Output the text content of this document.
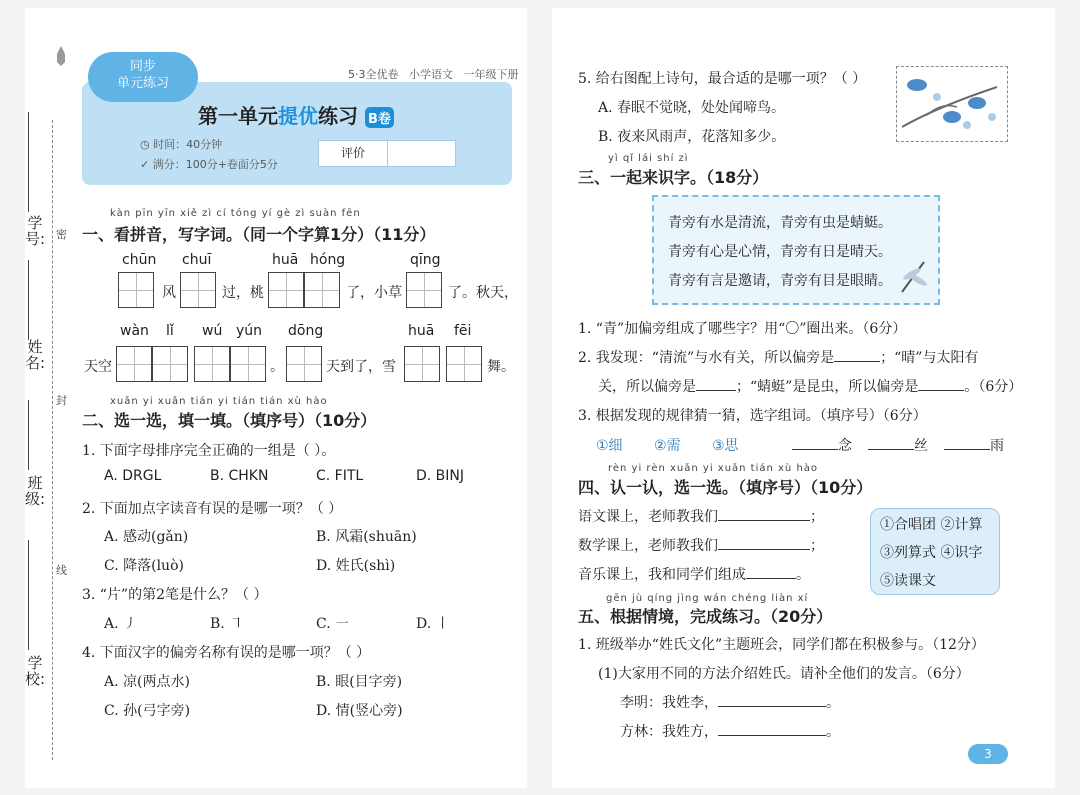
学号:
姓名:
班级:
学校:
密
封
线
同步
单元练习
5·3全优卷 小学语文 一年级下册
第一单元提优练习 B卷
◷ 时间：40分钟
✓ 满分：100分+卷面分5分
评价
kàn pīn yīn xiě zì cí tóng yí gè zì suàn fēn
一、看拼音，写字词。（同一个字算1分）（11分）
chūn chuī	huā hóng	qīng
风	过，桃	了，小草	了。秋天，
wàn lǐ wú yún dōng	huā fēi
天空	。	天到了，雪	舞。
xuǎn yi xuǎn tián yi tián tián xù hào
二、选一选，填一填。（填序号）（10分）
1. 下面字母排序完全正确的一组是（ ）。
A. DRGL	B. CHKN	C. FITL	D. BINJ
2. 下面加点字读音有误的是哪一项？（ ）
A. 感动(gǎn)	B. 风霜(shuān)
C. 降落(luò)	D. 姓氏(shì)
3. “片”的第2笔是什么？（ ）
A. ㇓	B. ㇕	C. ㇐	D. ㇑
4. 下面汉字的偏旁名称有误的是哪一项？（ ）
A. 凉(两点水)	B. 眼(目字旁)
C. 孙(弓字旁)	D. 情(竖心旁)
5. 给右图配上诗句，最合适的是哪一项？（ ）
A. 春眠不觉晓，处处闻啼鸟。
B. 夜来风雨声，花落知多少。
yì qǐ lái shí zì
三、一起来识字。（18分）
青旁有水是清流，青旁有虫是蜻蜓。
青旁有心是心情，青旁有日是晴天。
青旁有言是邀请，青旁有目是眼睛。
1. “青”加偏旁组成了哪些字？用“〇”圈出来。（6分）
2. 我发现：“清流”与水有关，所以偏旁是	；“晴”与太阳有
关，所以偏旁是	；“蜻蜓”是昆虫，所以偏旁是	。（6分）
3. 根据发现的规律猜一猜，选字组词。（填序号）（6分）
①细 ②需 ③思	念	丝	雨
rèn yi rèn xuǎn yi xuǎn tián xù hào
四、认一认，选一选。（填序号）（10分）
语文课上，老师教我们	；
数学课上，老师教我们	；
音乐课上，我和同学们组成	。
①合唱团 ②计算
③列算式 ④识字
⑤读课文
gēn jù qíng jìng wán chéng liàn xí
五、根据情境，完成练习。（20分）
1. 班级举办“姓氏文化”主题班会，同学们都在积极参与。（12分）
(1)大家用不同的方法介绍姓氏。请补全他们的发言。（6分）
李明：我姓李，	。
方林：我姓方，	。
3
